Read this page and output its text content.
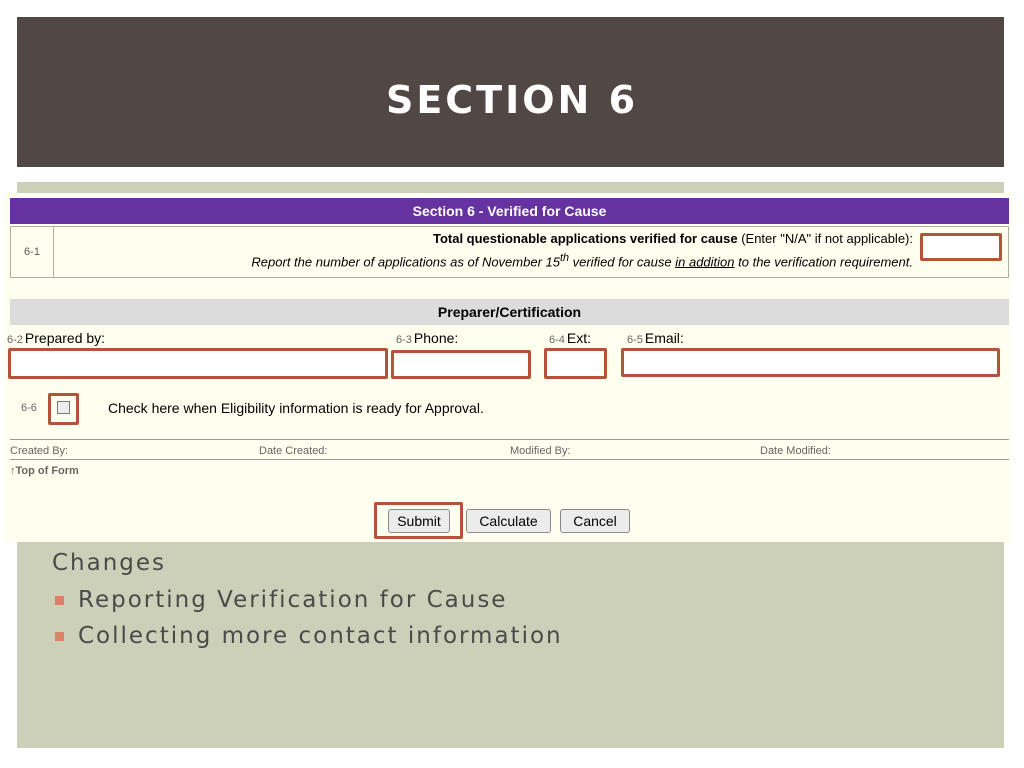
SECTION 6
Section 6 - Verified for Cause
6-1
Total questionable applications verified for cause (Enter "N/A" if not applicable):
Report the number of applications as of November 15th verified for cause in addition to the verification requirement.
Preparer/Certification
6-2 Prepared by:	6-3 Phone:	6-4 Ext:	6-5 Email:
6-6	Check here when Eligibility information is ready for Approval.
Created By:	Date Created:	Modified By:	Date Modified:
↑Top of Form
Submit	Calculate	Cancel
Changes
Reporting Verification for Cause
Collecting more contact information
